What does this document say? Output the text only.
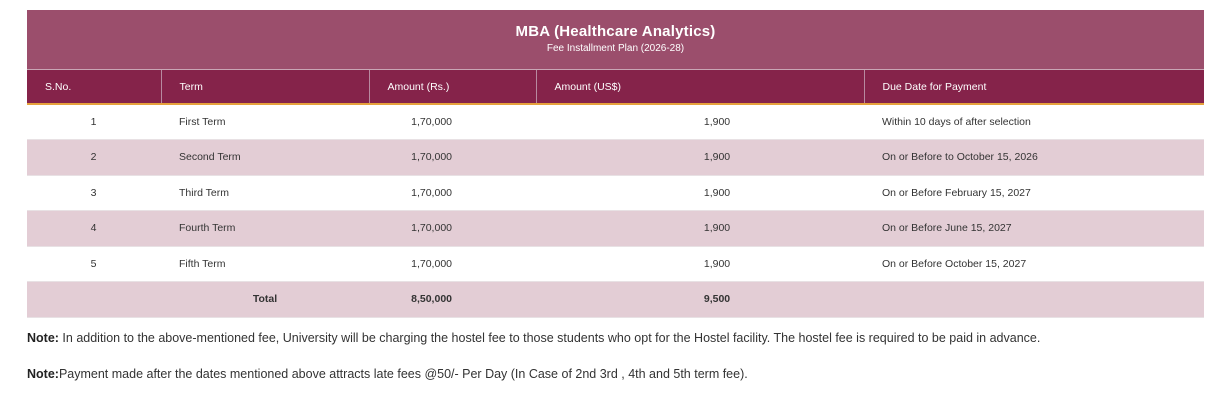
MBA (Healthcare Analytics)
Fee Installment Plan (2026-28)
S.No.	Term	Amount (Rs.)	Amount (US$)	Due Date for Payment
1	First Term	1,70,000	1,900	Within 10 days of after selection
2	Second Term	1,70,000	1,900	On or Before to October 15, 2026
3	Third Term	1,70,000	1,900	On or Before February 15, 2027
4	Fourth Term	1,70,000	1,900	On or Before June 15, 2027
5	Fifth Term	1,70,000	1,900	On or Before October 15, 2027
	Total	8,50,000	9,500	
Note: In addition to the above-mentioned fee, University will be charging the hostel fee to those students who opt for the Hostel facility. The hostel fee is required to be paid in advance.
Note:Payment made after the dates mentioned above attracts late fees @50/- Per Day (In Case of 2nd 3rd , 4th and 5th term fee).
